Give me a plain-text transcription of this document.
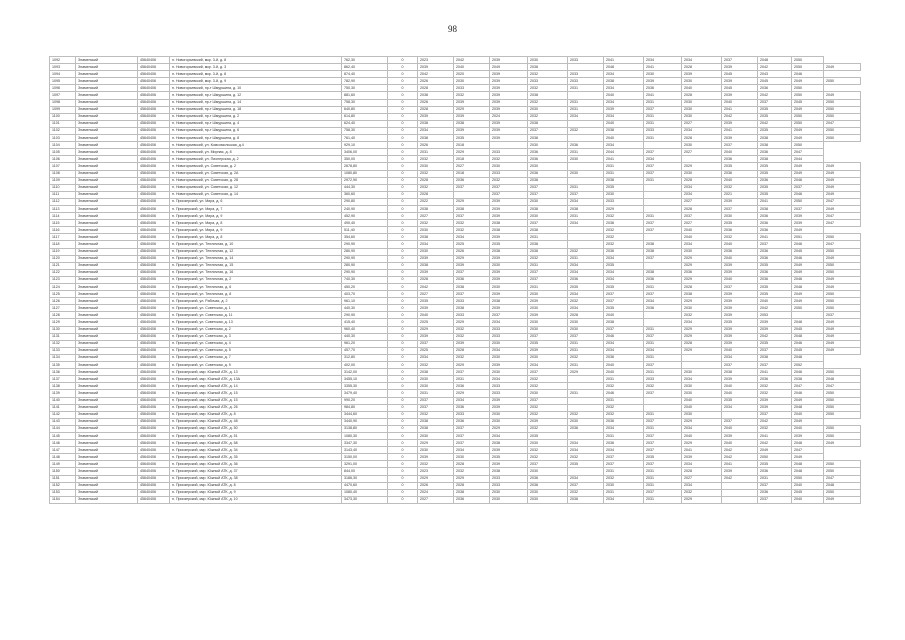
98
1092	Знаменский	45640406	п. Новогорьевский, мкр. 3-й, д. 8	762,30	0	2023	2042	2039	2030	2033	2041	2034	2034	2037	2048	2050	
1093	Знаменский	45640406	п. Новогорьевский, мкр. 3-й, д. 3	862,40	0	2039	2040	2049	2038		2048	2041	2028	2039	2042	2050	2049
1094	Знаменский	45640406	п. Новогорьевский, мкр. 3-й, д. 8	874,40	0	2042	2020	2039	2032	2033	2034	2030	2039	2045	2043	2046	
1095	Знаменский	45640406	п. Новогорьевский, мкр. 3-й, д. 9	782,90	0	2026	2030	2039	2033	2033	2038	2039	2030	2039	2045	2049	2050
1096	Знаменский	45640406	п. Новогорьевский, пр-т Шмуршина, д. 10	750,30	0	2028	2033	2039	2032	2031	2034	2036	2040	2045	2036	2050	
1097	Знаменский	45640406	п. Новогорьевский, пр-т Шмуршина, д. 12	881,60	0	2038	2032	2039	2038		2040	2041	2028	2039	2042	2050	2049
1098	Знаменский	45640406	п. Новогорьевский, пр-т Шмуршина, д. 14	758,30	0	2026	2039	2039	2032	2031	2034	2031	2030	2040	2037	2045	2050
1099	Знаменский	45640406	п. Новогорьевский, пр-т Шмуршина, д. 18	640,80	0	2028	2029	2039	2030	2031	2039	2037	2030	2041	2035	2049	2050
1100	Знаменский	45640406	п. Новогорьевский, пр-т Шмуршина, д. 2	614,80	0	2039	2039	2024	2032	2034	2034	2031	2030	2042	2035	2050	2050
1101	Знаменский	45640406	п. Новогорьевский, пр-т Шмуршина, д. 4	624,40	0	2038	2038	2039	2038		2040	2031	2027	2039	2042	2050	2047
1102	Знаменский	45640406	п. Новогорьевский, пр-т Шмуршина, д. 6	758,30	0	2034	2039	2039	2037	2032	2038	2033	2034	2041	2035	2049	2050
1103	Знаменский	45640406	п. Новогорьевский, пр-т Шмуршина, д. 8	761,40	0	2038	2035	2039	2038		2040	2031	2028	2039	2038	2049	2050
1104	Знаменский	45640406	п. Новогорьевский, ул. Комсомольская, д.4	929,10	0	2026	2018		2030	2036	2034		2030	2037	2038	2050	
1105	Знаменский	45640406	п. Новогорьевский, ул. Мирная, д. 8	3406,00	0	2031	2029	2033	2036	2031	2044	2037	2027	2040	2036	2047	
1106	Знаменский	45640406	п. Новогорьевский, ул. Пионерская, д. 2	350,00	0	2032	2018	2032	2036	2030	2041	2034		2036	2038	2044	
1107	Знаменский	45640406	п. Новогорьевский, ул. Советская, д. 2	2678,80	0	2030	2027	2030	2030		2031	2037	2029	2035	2035	2049	2049
1108	Знаменский	45640406	п. Новогорьевский, ул. Советская, д. 2А	1080,80	0	2032	2018	2033	2036	2030	2031	2037	2030	2036	2035	2049	2049
1109	Знаменский	45640406	п. Новогорьевский, ул. Советская, д. 28	2972,90	0	2028	2036	2032	2038		2038	2031	2028	2040	2036	2046	2049
1110	Знаменский	45640406	п. Новогорьевский, ул. Советская, д. 12	444,30	0	2032	2037	2037	2037	2031	2035		2034	2032	2035	2037	2049
1111	Знаменский	45640406	п. Новогорьевский, ул. Советская, д. 14	360,60	0	2028		2037	2037	2037	2030		2034	2021	2035	2046	2049
1112	Знаменский	45640406	п. Приозерский, ул. Мира, д. 6	290,80	0	2022	2029	2039	2030	2034	2033		2027	2039	2041	2050	2047
1113	Знаменский	45640406	п. Приозерский, ул. Мира, д. 7	240,90	0	2038	2038	2039	2038	2038	2029		2028	2037	2038	2037	2049
1114	Знаменский	45640406	п. Приозерский, ул. Мира, д. 9	452,90	0	2027	2037	2039	2030	2031	2032	2031	2037	2030	2036	2039	2047
1115	Знаменский	45640406	п. Приозерский, ул. Мира, д. 8	490,40	0	2032	2032	2038	2037	2034	2036	2037	2027	2035	2036	2039	2047
1116	Знаменский	45640406	п. Приозерский, ул. Мира, д. 9	511,40	0	2030	2032	2038	2038		2032	2037	2040	2036	2036	2049	
1117	Знаменский	45640406	п. Приозерский, ул. Мира, д. 8	354,60	0	2038	2034	2039	2031		2032		2040	2032	2041	2051	2050
1118	Знаменский	45640406	п. Приозерский, ул. Тепличная, д. 10	290,90	0	2034	2025	2035	2038		2032	2038	2034	2040	2037	2046	2047
1119	Знаменский	45640406	п. Приозерский, ул. Тепличная, д. 12	280,90	0	2030	2026	2038	2036	2032	2036	2038	2030	2036	2036	2045	2050
1120	Знаменский	45640406	п. Приозерский, ул. Тепличная, д. 14	290,90	0	2039	2029	2039	2032	2031	2034	2037	2029	2040	2036	2046	2049
1121	Знаменский	45640406	п. Приозерский, ул. Тепличная, д. 15	280,90	0	2038	2039	2030	2031	2034	2035		2029	2039	2035	2049	2050
1122	Знаменский	45640406	п. Приозерский, ул. Тепличная, д. 16	290,90	0	2039	2037	2039	2037	2034	2034	2038	2036	2039	2036	2049	2050
1123	Знаменский	45640406	п. Приозерский, ул. Тепличная, д. 2	740,30	0	2028	2036	2039	2037	2036	2034	2036	2029	2040	2036	2046	2049
1124	Знаменский	45640406	п. Приозерский, ул. Тепличная, д. 6	450,20	0	2042	2038	2030	2031	2035	2035	2031	2028	2037	2035	2048	2049
1125	Знаменский	45640406	п. Приозерский, ул. Тепличная, д. 8	403,70	0	2027	2037	2039	2030	2034	2037	2037	2038	2039	2035	2049	2050
1126	Знаменский	45640406	п. Приозерский, ул. Рабочая, д. 2	961,10	0	2035	2033	2038	2039	2032	2037	2034	2029	2039	2040	2049	2050
1127	Знаменский	45640406	п. Приозерский, ул. Советская, д. 1	440,30	0	2039	2038	2039	2030	2034	2035	2036	2030	2039	2042	2050	2050
1128	Знаменский	45640406	п. Приозерский, ул. Советская, д. 11	290,90	0	2040	2033	2037	2039	2028	2040		2032	2039	2053		2037
1129	Знаменский	45640406	п. Приозерский, ул. Советская, д. 13	415,40	0	2025	2029	2034	2030	2030	2038		2034	2035	2039	2048	2049
1130	Знаменский	45640406	п. Приозерский, ул. Советская, д. 2	960,40	0	2029	2032	2033	2030	2030	2037	2031	2029	2039	2039	2045	2049
1131	Знаменский	45640406	п. Приозерский, ул. Советская, д. 3	440,30	0	2039	2032	2033	2037	2037	2046	2037	2029	2039	2042	2048	2049
1132	Знаменский	45640406	п. Приозерский, ул. Советская, д. 4	961,20	0	2037	2039	2030	2035	2031	2034	2031	2028	2039	2035	2046	2049
1133	Знаменский	45640406	п. Приозерский, ул. Советская, д. 5	457,70	0	2025	2028	2034	2039	2031	2034	2034	2029	2040	2037	2045	2049
1134	Знаменский	45640406	п. Приозерский, ул. Советская, д. 7	312,80	0	2034	2032	2030	2030	2032	2036	2031		2034	2038	2048	
1135	Знаменский	45640406	п. Приозерский, ул. Советская, д. 9	402,00	0	2032	2029	2039	2034	2031	2040	2037		2037	2037	2052	
1136	Знаменский	45640406	п. Приозерский, мкр. Южный АТК, д. 13	3142,00	0	2038	2037	2030	2037	2029	2040	2031	2030	2038	2041	2046	2050
1137	Знаменский	45640406	п. Приозерский, мкр. Южный АТК, д. 13А	3455,10	0	2030	2031	2034	2032		2031	2033	2034	2039	2036	2038	2048
1138	Знаменский	45640406	п. Приозерский, мкр. Южный АТК, д. 14	3355,30	0	2030	2036	2033	2032		2032	2032	2030	2040	2032	2047	2047
1139	Знаменский	45640406	п. Приозерский, мкр. Южный АТК, д. 15	3479,40	0	2031	2029	2033	2030	2031	2046	2037	2030	2040	2032	2046	2050
1140	Знаменский	45640406	п. Приозерский, мкр. Южный АТК, д. 15	990,20	0	2037	2034	2039	2037		2031		2040	2035	2039	2049	2050
1141	Знаменский	45640406	п. Приозерский, мкр. Южный АТК, д. 26	984,80	0	2037	2036	2039	2032		2032		2040	2034	2039	2048	2050
1142	Знаменский	45640406	п. Приозерский, мкр. Южный АТК, д. 8	3444,60	0	2032	2033	2030	2032	2032	2032	2031	2030		2037	2040	2050
1143	Знаменский	45640406	п. Приозерский, мкр. Южный АТК, д. 48	3440,90	0	2038	2036	2030	2039	2030	2036	2037	2029	2037	2042	2049	
1144	Знаменский	45640406	п. Приозерский, мкр. Южный АТК, д. 50	3138,80	0	2038	2037	2029	2032	2036	2034	2031	2034	2040	2032	2040	2050
1145	Знаменский	45640406	п. Приозерский, мкр. Южный АТК, д. 51	1080,30	0	2030	2037	2034	2035		2031	2037	2040	2039	2041	2039	2050
1146	Знаменский	45640406	п. Приозерский, мкр. Южный АТК, д. 58	3347,30	0	2029	2037	2038	2030	2034	2036	2037	2029	2040	2042	2048	2049
1147	Знаменский	45640406	п. Приозерский, мкр. Южный АТК, д. 34	3143,40	0	2030	2034	2039	2032	2034	2034	2037	2041	2042	2049	2047	
1148	Знаменский	45640406	п. Приозерский, мкр. Южный АТК, д. 35	3150,00	0	2039	2030	2035	2032	2032	2037	2035	2039	2042	2050	2049	
1149	Знаменский	45640406	п. Приозерский, мкр. Южный АТК, д. 36	3291,00	0	2032	2028	2039	2037	2035	2037	2037	2034	2041	2035	2048	2050
1150	Знаменский	45640406	п. Приозерский, мкр. Южный АТК, д. 37	844,00	0	2023	2032	2038	2030		2031	2031	2028	2039	2036	2048	2050
1151	Знаменский	45640406	п. Приозерский, мкр. Южный АТК, д. 38	3186,30	0	2029	2029	2033	2036	2034	2032	2031	2027	2042	2031	2050	2047
1152	Знаменский	45640406	п. Приозерский, мкр. Южный АТК, д. 8	4470,60	0	2026	2028	2033	2036	2037	2030	2031	2034		2037	2040	2048
1153	Знаменский	45640406	п. Приозерский, мкр. Южный АТК, д. 9	1080,40	0	2024	2038	2030	2030	2032	2031	2037	2032		2036	2045	2050
1154	Знаменский	45640406	п. Приозерский, мкр. Южный АТК, д. 10	3473,30	0	2027	2036	2030	2030	2036	2034	2031	2029		2037	2040	2049
